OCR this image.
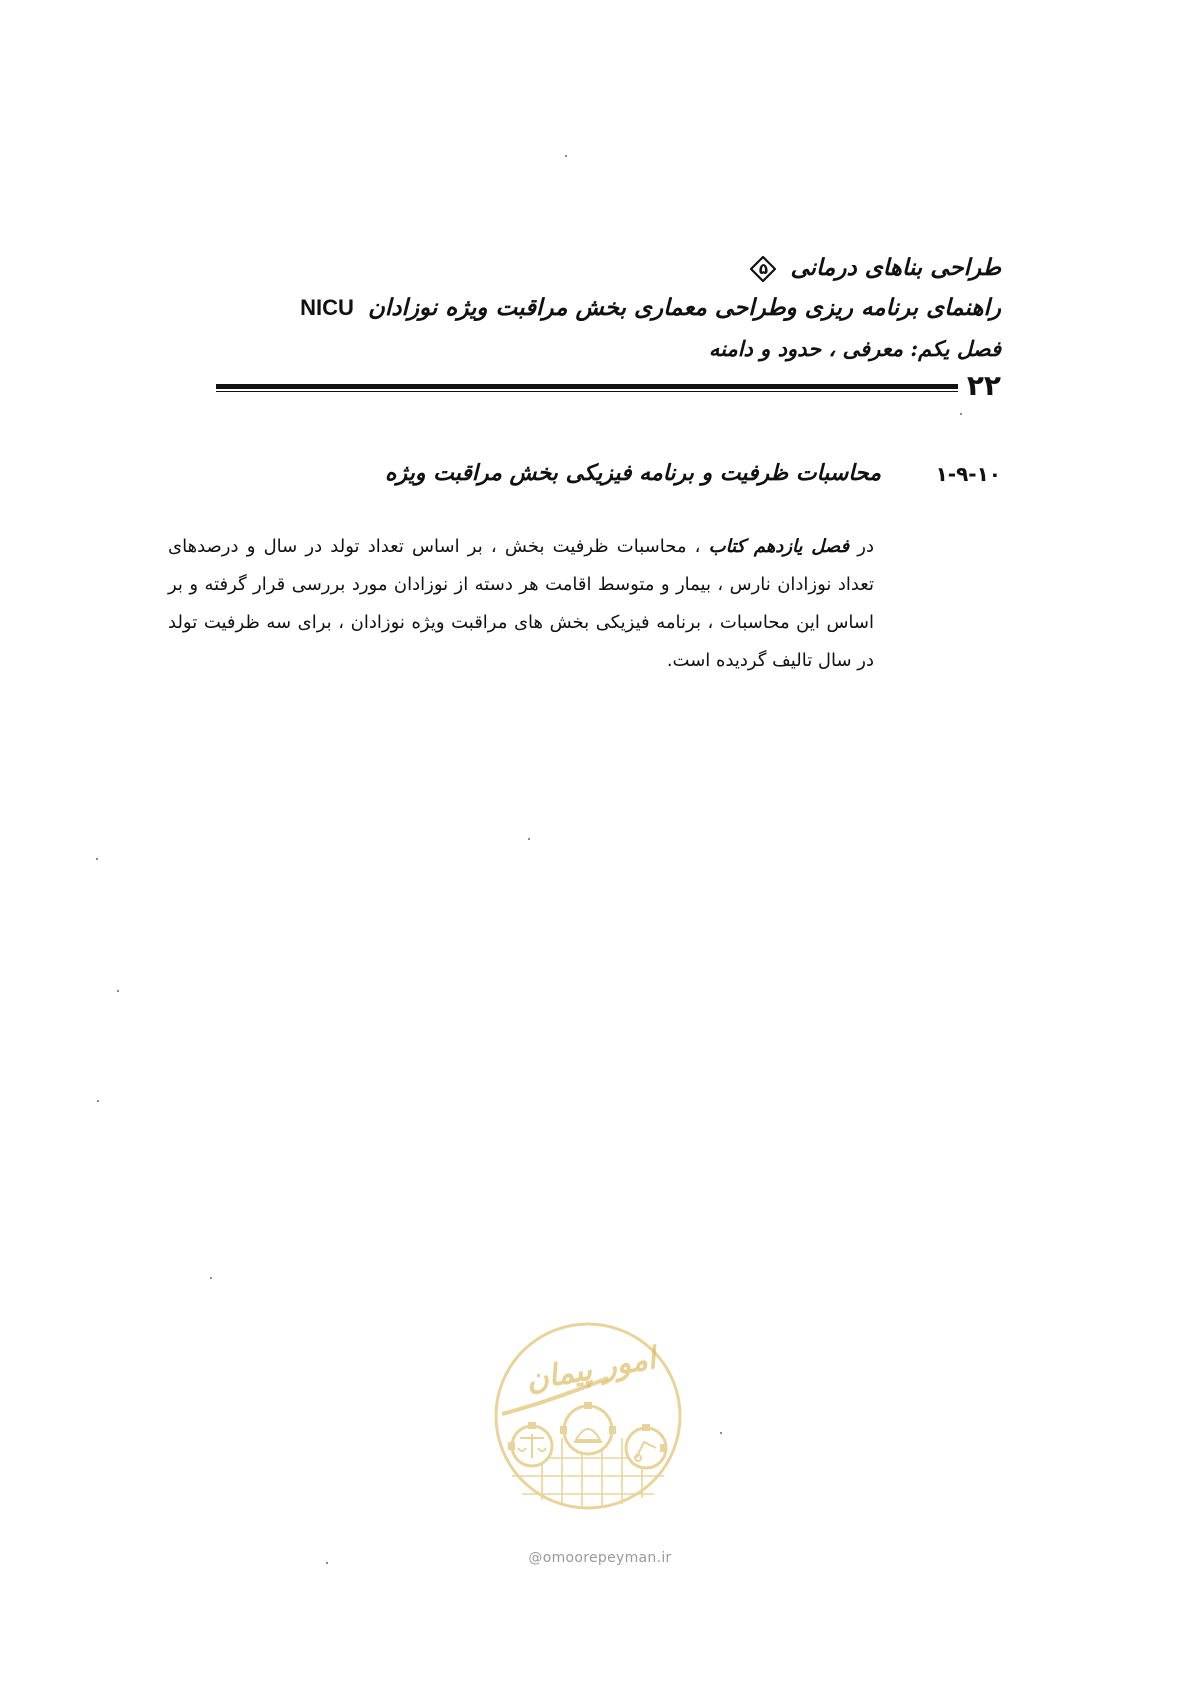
طراحی بناهای درمانی
۵
راهنمای برنامه ریزی وطراحی معماری بخش مراقبت ویژه نوزادان NICU
فصل یکم: معرفی ، حدود و دامنه
۲۲
۱-۹-۱۰
محاسبات ظرفیت و برنامه فیزیکی بخش مراقبت ویژه
در فصل یازدهم کتاب ، محاسبات ظرفیت بخش ، بر اساس تعداد تولد در سال و درصدهای تعداد نوزادان نارس ، بیمار و متوسط اقامت هر دسته از نوزادان مورد بررسی قرار گرفته و بر اساس این محاسبات ، برنامه فیزیکی بخش های مراقبت ویژه نوزادان ، برای سه ظرفیت تولد در سال تالیف گردیده است.
امور پیمان
@omoorepeyman.ir
